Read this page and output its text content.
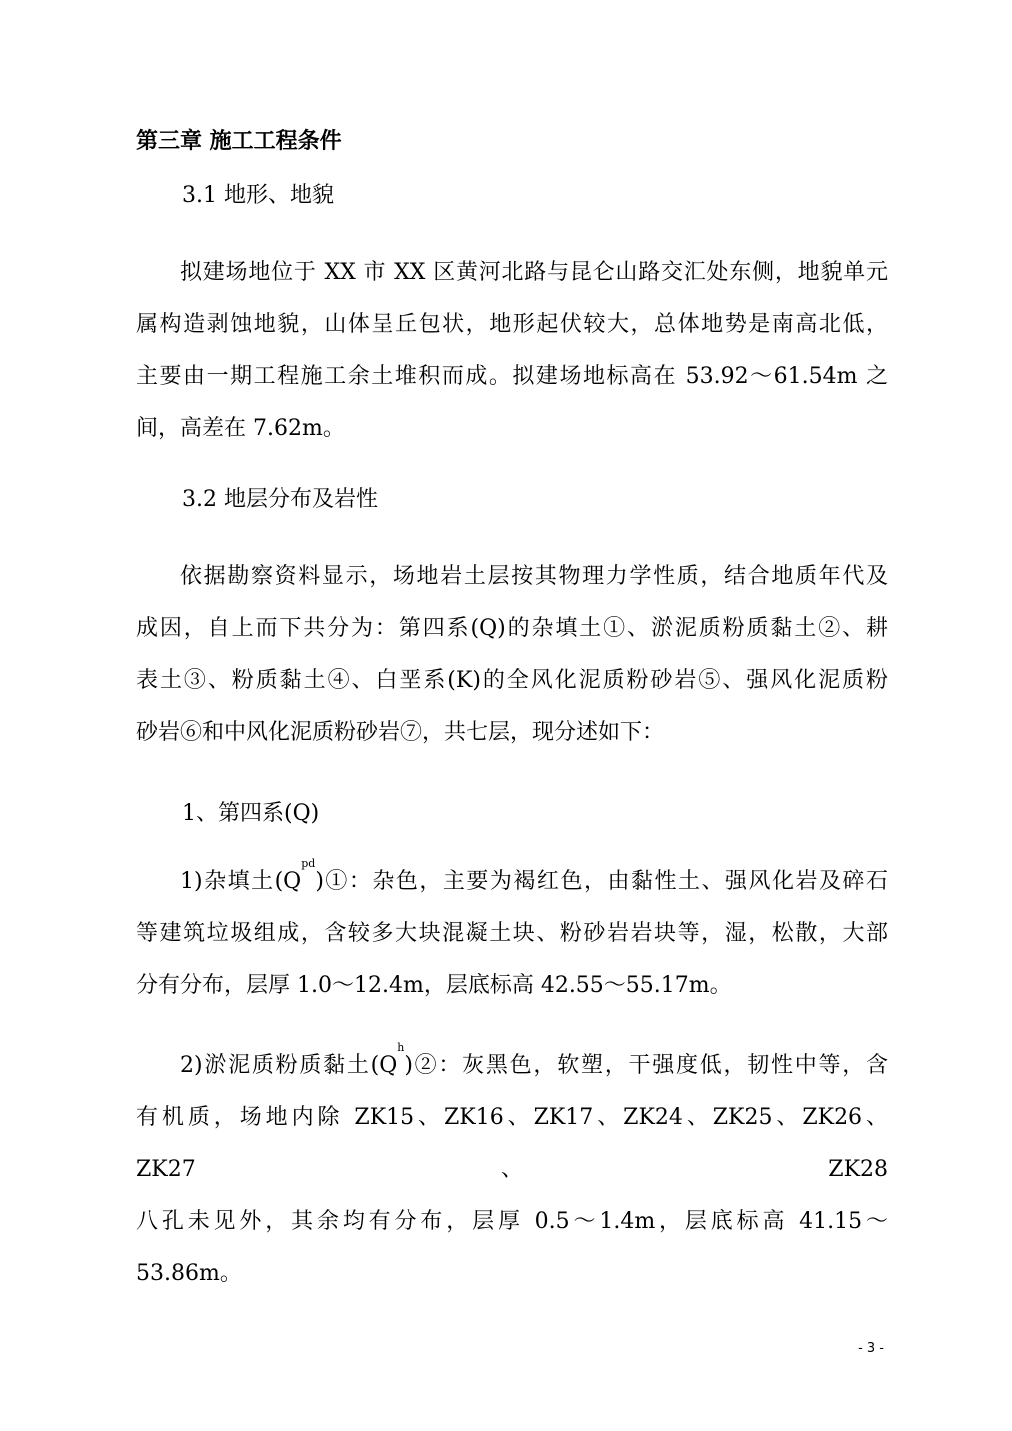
第三章 施工工程条件
3.1 地形、地貌
拟建场地位于 XX 市 XX 区黄河北路与昆仑山路交汇处东侧，地貌单元
属构造剥蚀地貌，山体呈丘包状，地形起伏较大，总体地势是南高北低，
主要由一期工程施工余土堆积而成。拟建场地标高在 53.92～61.54m 之
间，高差在 7.62m。
3.2 地层分布及岩性
依据勘察资料显示，场地岩土层按其物理力学性质，结合地质年代及
成因，自上而下共分为：第四系(Q)的杂填土①、淤泥质粉质黏土②、耕
表土③、粉质黏土④、白垩系(K)的全风化泥质粉砂岩⑤、强风化泥质粉
砂岩⑥和中风化泥质粉砂岩⑦，共七层，现分述如下：
1、第四系(Q)
1)杂填土$(Q^{pd})①$：杂色，主要为褐红色，由黏性土、强风化岩及碎石
等建筑垃圾组成，含较多大块混凝土块、粉砂岩岩块等，湿，松散，大部
分有分布，层厚 1.0～12.4m，层底标高 42.55～55.17m。
2)淤泥质粉质黏土$(Q^h)②$：灰黑色，软塑，干强度低，韧性中等，含
有机质，场地内除 ZK15、ZK16、ZK17、ZK24、ZK25、ZK26、ZK27、ZK28
八孔未见外，其余均有分布，层厚 0.5～1.4m，层底标高 41.15～53.86m。
- 3 -
